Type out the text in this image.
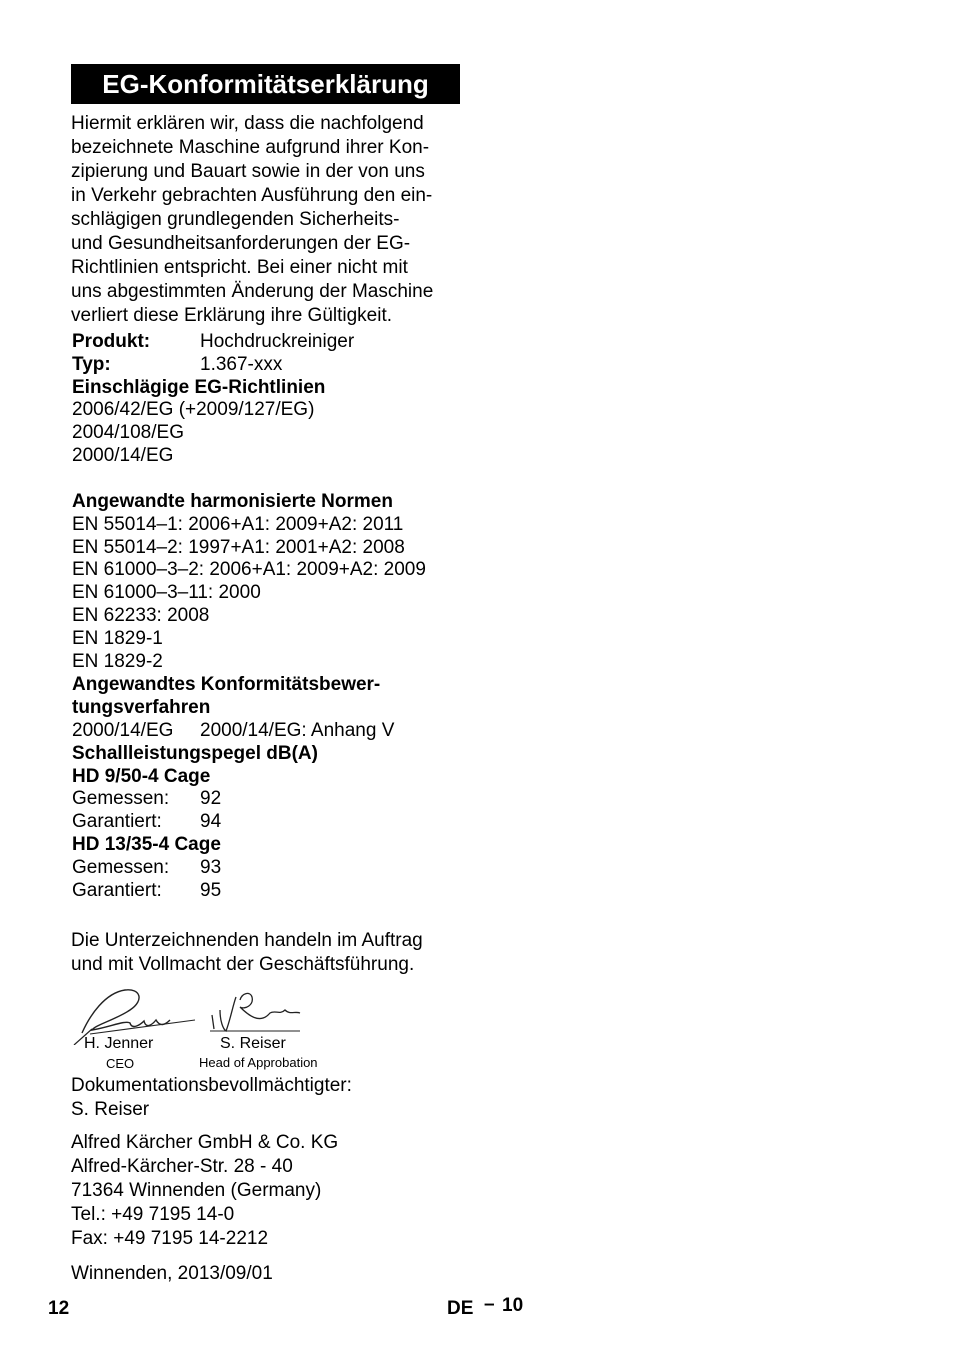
EG-Konformitätserklärung
Hiermit erklären wir, dass die nachfolgend
bezeichnete Maschine aufgrund ihrer Kon-
zipierung und Bauart sowie in der von uns
in Verkehr gebrachten Ausführung den ein-
schlägigen grundlegenden Sicherheits-
und Gesundheitsanforderungen der EG-
Richtlinien entspricht. Bei einer nicht mit
uns abgestimmten Änderung der Maschine
verliert diese Erklärung ihre Gültigkeit.
Produkt:	Hochdruckreiniger
Typ:	1.367-xxx
Einschlägige EG-Richtlinien
2006/42/EG (+2009/127/EG)
2004/108/EG
2000/14/EG
Angewandte harmonisierte Normen
EN 55014–1: 2006+A1: 2009+A2: 2011
EN 55014–2: 1997+A1: 2001+A2: 2008
EN 61000–3–2: 2006+A1: 2009+A2: 2009
EN 61000–3–11: 2000
EN 62233: 2008
EN 1829-1
EN 1829-2
Angewandtes Konformitätsbewer-
tungsverfahren
2000/14/EG	2000/14/EG: Anhang V
Schallleistungspegel dB(A)
HD 9/50-4 Cage
Gemessen:	92
Garantiert:	94
HD 13/35-4 Cage
Gemessen:	93
Garantiert:	95
Die Unterzeichnenden handeln im Auftrag
und mit Vollmacht der Geschäftsführung.
H. Jenner
CEO
S. Reiser
Head of Approbation
Dokumentationsbevollmächtigter:
S. Reiser
Alfred Kärcher GmbH & Co. KG
Alfred-Kärcher-Str. 28 - 40
71364 Winnenden (Germany)
Tel.: +49 7195 14-0
Fax: +49 7195 14-2212
Winnenden, 2013/09/01
12	DE – 10
